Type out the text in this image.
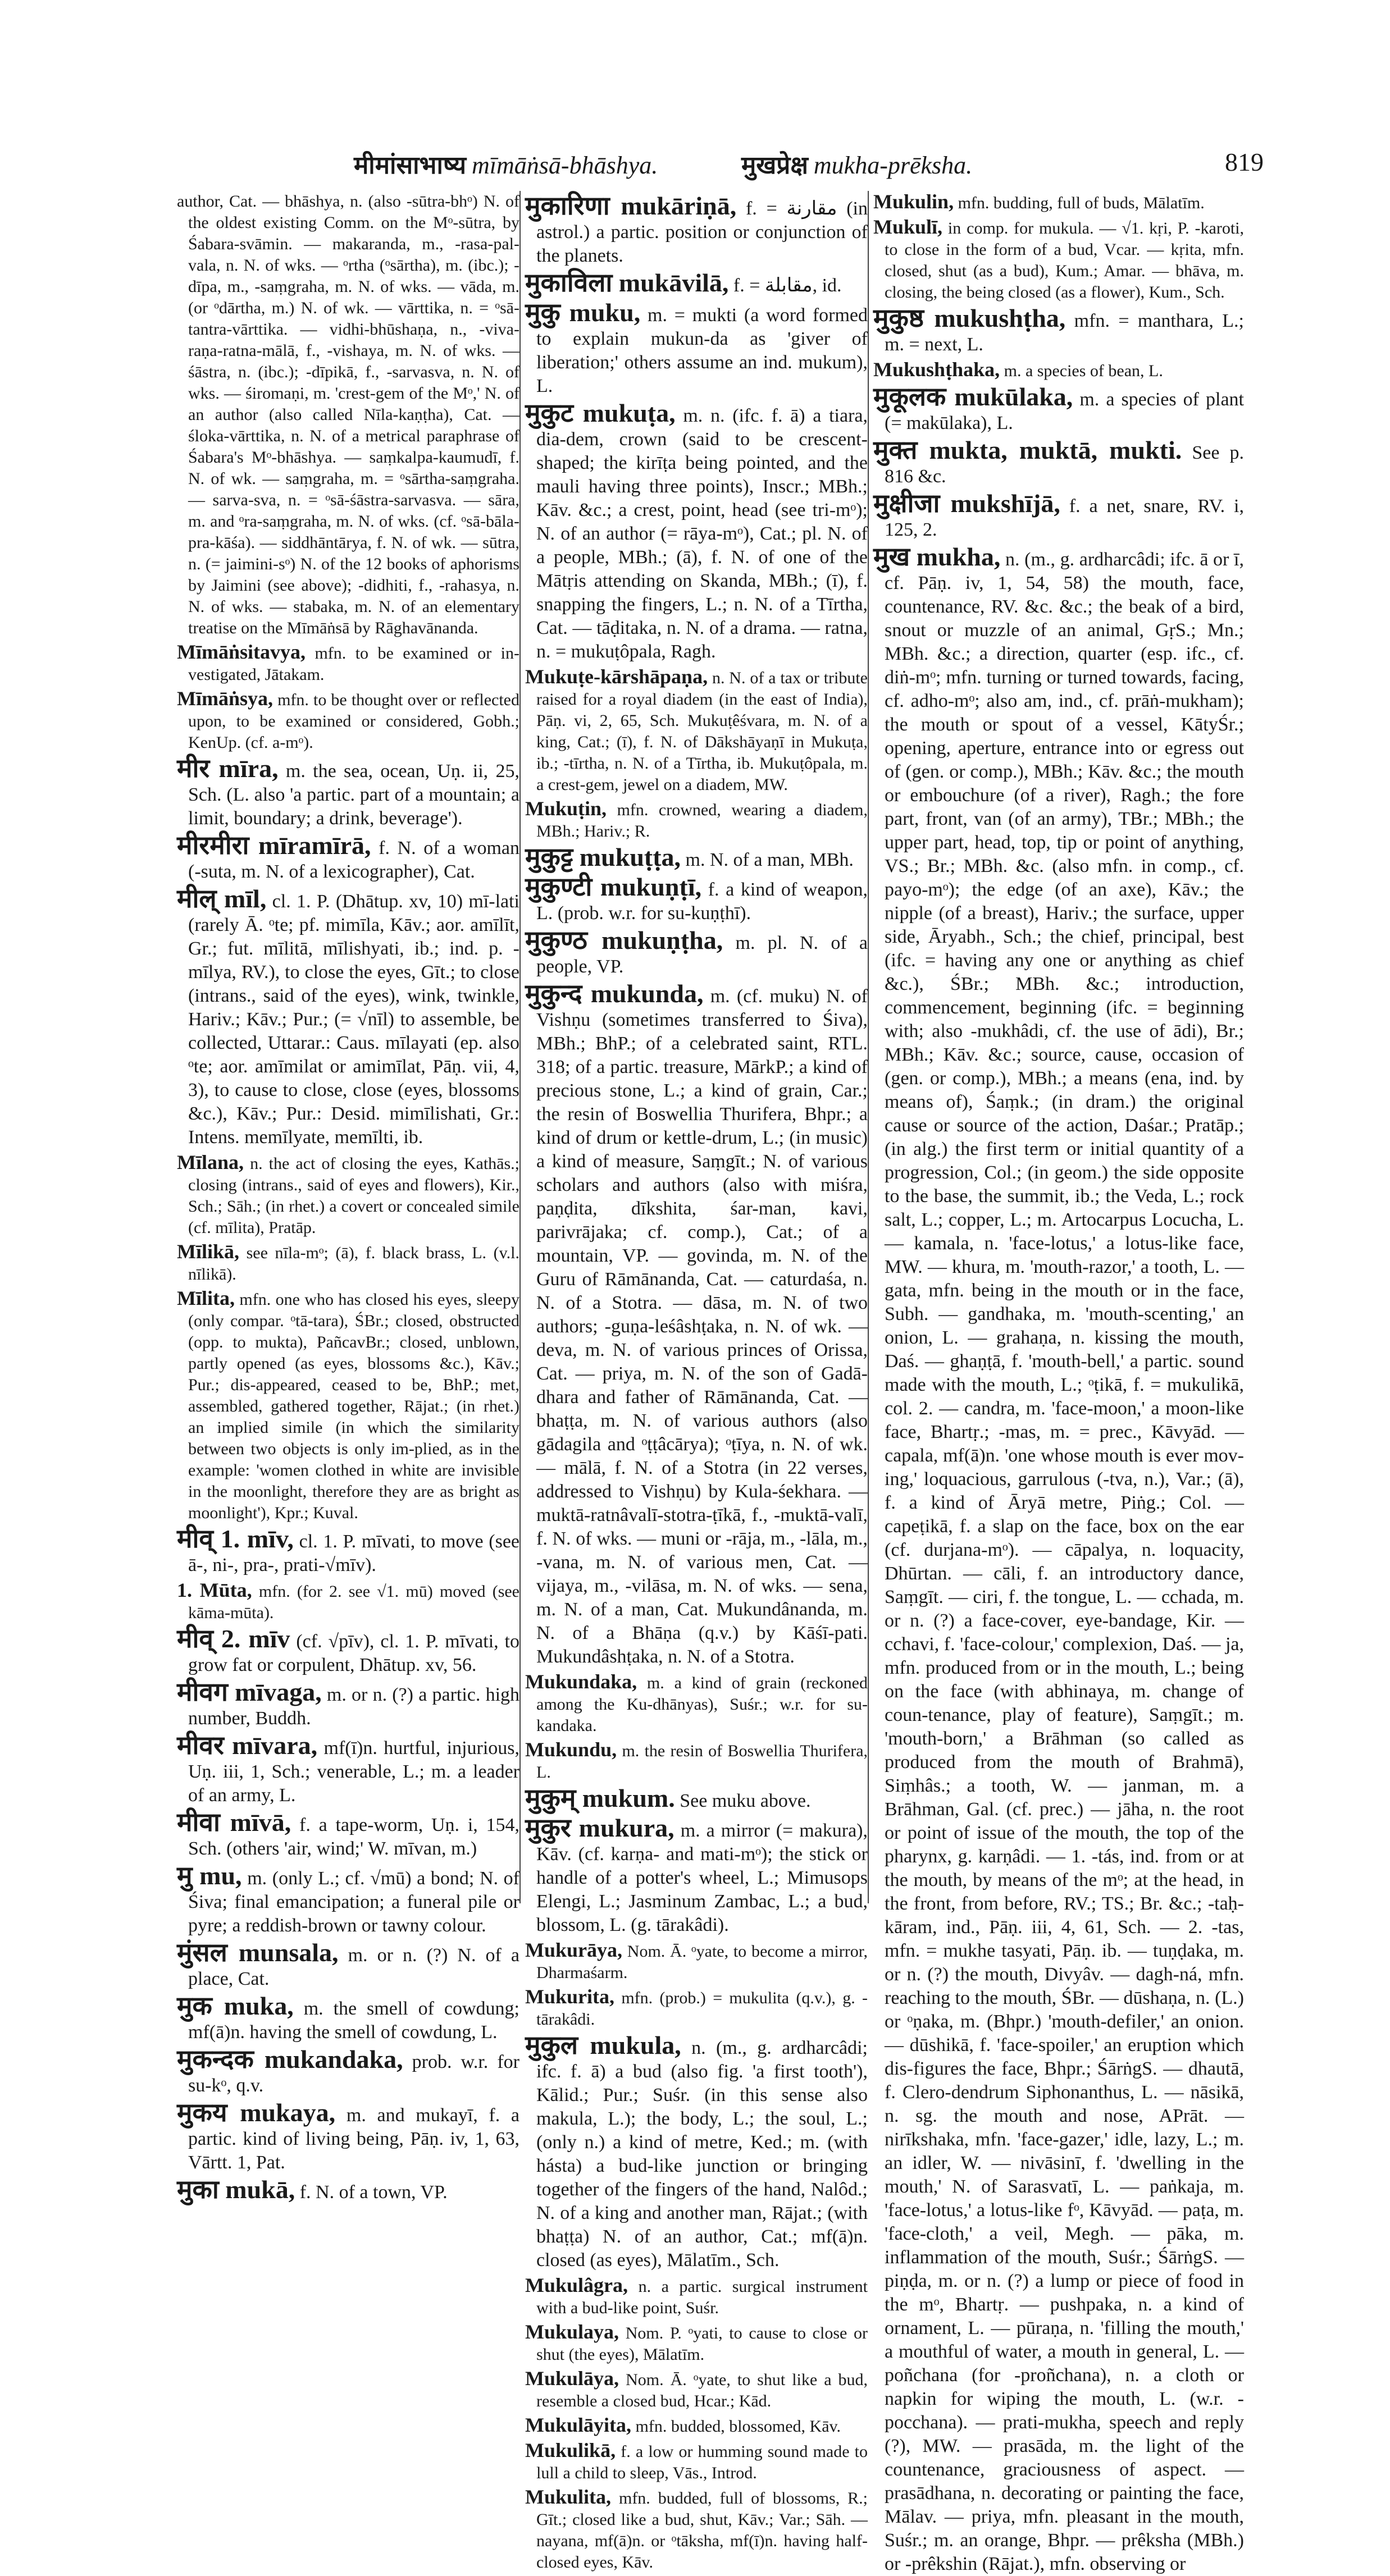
मीमांसाभाष्य mīmāṅsā-bhāshya.	मुखप्रेक्ष mukha-prēksha.	819

author, Cat. — bhāshya, n. (also -sūtra-bhᵒ) N. of the oldest existing Comm. on the Mᵒ-sūtra, by Śabara-svāmin. — makaranda, m., -rasa-pal-vala, n. N. of wks. — ᵒrtha (ᵒsārtha), m. (ibc.); -dīpa, m., -saṃgraha, m. N. of wks. — vāda, m. (or ᵒdārtha, m.) N. of wk. — vārttika, n. = ᵒsā-tantra-vārttika. — vidhi-bhūshaṇa, n., -viva-raṇa-ratna-mālā, f., -vishaya, m. N. of wks. — śāstra, n. (ibc.); -dīpikā, f., -sarvasva, n. N. of wks. — śiromaṇi, m. 'crest-gem of the Mᵒ,' N. of an author (also called Nīla-kaṇṭha), Cat. — śloka-vārttika, n. N. of a metrical paraphrase of Śabara's Mᵒ-bhāshya. — saṃkalpa-kaumudī, f. N. of wk. — saṃgraha, m. = ᵒsārtha-saṃgraha. — sarva-sva, n. = ᵒsā-śāstra-sarvasva. — sāra, m. and ᵒra-saṃgraha, m. N. of wks. (cf. ᵒsā-bāla-pra-kāśa). — siddhāntārya, f. N. of wk. — sūtra, n. (= jaimini-sᵒ) N. of the 12 books of aphorisms by Jaimini (see above); -didhiti, f., -rahasya, n. N. of wks. — stabaka, m. N. of an elementary treatise on the Mīmāṅsā by Rāghavānanda.

Mīmāṅsitavya, mfn. to be examined or in-vestigated, Jātakam.

Mīmāṅsya, mfn. to be thought over or reflected upon, to be examined or considered, Gobh.; KenUp. (cf. a-mᵒ).

मीर mīra, m. the sea, ocean, Uṇ. ii, 25, Sch. (L. also 'a partic. part of a mountain; a limit, boundary; a drink, beverage').

मीरमीरा mīramīrā, f. N. of a woman (-suta, m. N. of a lexicographer), Cat.

मील् mīl, cl. 1. P. (Dhātup. xv, 10) mī-lati (rarely Ā. ᵒte; pf. mimīla, Kāv.; aor. amīlīt, Gr.; fut. mīlitā, mīlishyati, ib.; ind. p. -mīlya, RV.), to close the eyes, Gīt.; to close (intrans., said of the eyes), wink, twinkle, Hariv.; Kāv.; Pur.; (= √nīl) to assemble, be collected, Uttarar.: Caus. mīlayati (ep. also ᵒte; aor. amīmilat or amimīlat, Pāṇ. vii, 4, 3), to cause to close, close (eyes, blossoms &c.), Kāv.; Pur.: Desid. mimīlishati, Gr.: Intens. memīlyate, memīlti, ib.

Mīlana, n. the act of closing the eyes, Kathās.; closing (intrans., said of eyes and flowers), Kir., Sch.; Sāh.; (in rhet.) a covert or concealed simile (cf. mīlita), Pratāp.

Mīlikā, see nīla-mᵒ; (ā), f. black brass, L. (v.l. nīlikā).

Mīlita, mfn. one who has closed his eyes, sleepy (only compar. ᵒtā-tara), ŚBr.; closed, obstructed (opp. to mukta), PañcavBr.; closed, unblown, partly opened (as eyes, blossoms &c.), Kāv.; Pur.; dis-appeared, ceased to be, BhP.; met, assembled, gathered together, Rājat.; (in rhet.) an implied simile (in which the similarity between two objects is only im-plied, as in the example: 'women clothed in white are invisible in the moonlight, therefore they are as bright as moonlight'), Kpr.; Kuval.

मीव् 1. mīv, cl. 1. P. mīvati, to move (see ā-, ni-, pra-, prati-√mīv).

1. Mūta, mfn. (for 2. see √1. mū) moved (see kāma-mūta).

मीव् 2. mīv (cf. √pīv), cl. 1. P. mīvati, to grow fat or corpulent, Dhātup. xv, 56.

मीवग mīvaga, m. or n. (?) a partic. high number, Buddh.

मीवर mīvara, mf(ī)n. hurtful, injurious, Uṇ. iii, 1, Sch.; venerable, L.; m. a leader of an army, L.

मीवा mīvā, f. a tape-worm, Uṇ. i, 154, Sch. (others 'air, wind;' W. mīvan, m.)

मु mu, m. (only L.; cf. √mū) a bond; N. of Śiva; final emancipation; a funeral pile or pyre; a reddish-brown or tawny colour.

मुंसल munsala, m. or n. (?) N. of a place, Cat.

मुक muka, m. the smell of cowdung; mf(ā)n. having the smell of cowdung, L.

मुकन्दक mukandaka, prob. w.r. for su-kᵒ, q.v.

मुकय mukaya, m. and mukayī, f. a partic. kind of living being, Pāṇ. iv, 1, 63, Vārtt. 1, Pat.

मुका mukā, f. N. of a town, VP.

मुकारिणा mukāriṇā, f. = مقارنة (in astrol.) a partic. position or conjunction of the planets.

मुकाविला mukāvilā, f. = مقابلة, id.

मुकु muku, m. = mukti (a word formed to explain mukun-da as 'giver of liberation;' others assume an ind. mukum), L.

मुकुट mukuṭa, m. n. (ifc. f. ā) a tiara, dia-dem, crown (said to be crescent-shaped; the kirīṭa being pointed, and the mauli having three points), Inscr.; MBh.; Kāv. &c.; a crest, point, head (see tri-mᵒ); N. of an author (= rāya-mᵒ), Cat.; pl. N. of a people, MBh.; (ā), f. N. of one of the Mātṛis attending on Skanda, MBh.; (ī), f. snapping the fingers, L.; n. N. of a Tīrtha, Cat. — tāḍitaka, n. N. of a drama. — ratna, n. = mukuṭôpala, Ragh.

Mukuṭe-kārshāpaṇa, n. N. of a tax or tribute raised for a royal diadem (in the east of India), Pāṇ. vi, 2, 65, Sch. Mukuṭêśvara, m. N. of a king, Cat.; (ī), f. N. of Dākshāyaṇī in Mukuṭa, ib.; -tīrtha, n. N. of a Tīrtha, ib. Mukuṭôpala, m. a crest-gem, jewel on a diadem, MW.

Mukuṭin, mfn. crowned, wearing a diadem, MBh.; Hariv.; R.

मुकुट्ट mukuṭṭa, m. N. of a man, MBh.

मुकुण्टी mukuṇṭī, f. a kind of weapon, L. (prob. w.r. for su-kuṇṭhī).

मुकुण्ठ mukuṇṭha, m. pl. N. of a people, VP.

मुकुन्द mukunda, m. (cf. muku) N. of Vishṇu (sometimes transferred to Śiva), MBh.; BhP.; of a celebrated saint, RTL. 318; of a partic. treasure, MārkP.; a kind of precious stone, L.; a kind of grain, Car.; the resin of Boswellia Thurifera, Bhpr.; a kind of drum or kettle-drum, L.; (in music) a kind of measure, Saṃgīt.; N. of various scholars and authors (also with miśra, paṇḍita, dīkshita, śar-man, kavi, parivrājaka; cf. comp.), Cat.; of a mountain, VP. — govinda, m. N. of the Guru of Rāmānanda, Cat. — caturdaśa, n. N. of a Stotra. — dāsa, m. N. of two authors; -guṇa-leśâshṭaka, n. N. of wk. — deva, m. N. of various princes of Orissa, Cat. — priya, m. N. of the son of Gadā-dhara and father of Rāmānanda, Cat. — bhaṭṭa, m. N. of various authors (also gādagila and ᵒṭṭâcārya); ᵒṭīya, n. N. of wk. — mālā, f. N. of a Stotra (in 22 verses, addressed to Vishṇu) by Kula-śekhara. — muktā-ratnâvalī-stotra-ṭīkā, f., -muktā-valī, f. N. of wks. — muni or -rāja, m., -lāla, m., -vana, m. N. of various men, Cat. — vijaya, m., -vilāsa, m. N. of wks. — sena, m. N. of a man, Cat. Mukundânanda, m. N. of a Bhāṇa (q.v.) by Kāśī-pati. Mukundâshṭaka, n. N. of a Stotra.

Mukundaka, m. a kind of grain (reckoned among the Ku-dhānyas), Suśr.; w.r. for su-kandaka.

Mukundu, m. the resin of Boswellia Thurifera, L.

मुकुम् mukum. See muku above.

मुकुर mukura, m. a mirror (= makura), Kāv. (cf. karṇa- and mati-mᵒ); the stick or handle of a potter's wheel, L.; Mimusops Elengi, L.; Jasminum Zambac, L.; a bud, blossom, L. (g. tārakâdi).

Mukurāya, Nom. Ā. ᵒyate, to become a mirror, Dharmaśarm.

Mukurita, mfn. (prob.) = mukulita (q.v.), g. -tārakâdi.

मुकुल mukula, n. (m., g. ardharcâdi; ifc. f. ā) a bud (also fig. 'a first tooth'), Kālid.; Pur.; Suśr. (in this sense also makula, L.); the body, L.; the soul, L.; (only n.) a kind of metre, Ked.; m. (with hásta) a bud-like junction or bringing together of the fingers of the hand, Nalôd.; N. of a king and another man, Rājat.; (with bhaṭṭa) N. of an author, Cat.; mf(ā)n. closed (as eyes), Mālatīm., Sch.

Mukulâgra, n. a partic. surgical instrument with a bud-like point, Suśr.

Mukulaya, Nom. P. ᵒyati, to cause to close or shut (the eyes), Mālatīm.

Mukulāya, Nom. Ā. ᵒyate, to shut like a bud, resemble a closed bud, Hcar.; Kād.

Mukulāyita, mfn. budded, blossomed, Kāv.

Mukulikā, f. a low or humming sound made to lull a child to sleep, Vās., Introd.

Mukulita, mfn. budded, full of blossoms, R.; Gīt.; closed like a bud, shut, Kāv.; Var.; Sāh. — nayana, mf(ā)n. or ᵒtāksha, mf(ī)n. having half-closed eyes, Kāv.

Mukulin, mfn. budding, full of buds, Mālatīm.

Mukulī, in comp. for mukula. — √1. kṛi, P. -karoti, to close in the form of a bud, Vcar. — kṛita, mfn. closed, shut (as a bud), Kum.; Amar. — bhāva, m. closing, the being closed (as a flower), Kum., Sch.

मुकुष्ठ mukushṭha, mfn. = manthara, L.; m. = next, L.

Mukushṭhaka, m. a species of bean, L.

मुकूलक mukūlaka, m. a species of plant (= makūlaka), L.

मुक्त mukta, muktā, mukti. See p. 816 &c.

मुक्षीजा mukshījā, f. a net, snare, RV. i, 125, 2.

मुख mukha, n. (m., g. ardharcâdi; ifc. ā or ī, cf. Pāṇ. iv, 1, 54, 58) the mouth, face, countenance, RV. &c. &c.; the beak of a bird, snout or muzzle of an animal, GṛS.; Mn.; MBh. &c.; a direction, quarter (esp. ifc., cf. diṅ-mᵒ; mfn. turning or turned towards, facing, cf. adho-mᵒ; also am, ind., cf. prāṅ-mukham); the mouth or spout of a vessel, KātyŚr.; opening, aperture, entrance into or egress out of (gen. or comp.), MBh.; Kāv. &c.; the mouth or embouchure (of a river), Ragh.; the fore part, front, van (of an army), TBr.; MBh.; the upper part, head, top, tip or point of anything, VS.; Br.; MBh. &c. (also mfn. in comp., cf. payo-mᵒ); the edge (of an axe), Kāv.; the nipple (of a breast), Hariv.; the surface, upper side, Āryabh., Sch.; the chief, principal, best (ifc. = having any one or anything as chief &c.), ŚBr.; MBh. &c.; introduction, commencement, beginning (ifc. = beginning with; also -mukhâdi, cf. the use of ādi), Br.; MBh.; Kāv. &c.; source, cause, occasion of (gen. or comp.), MBh.; a means (ena, ind. by means of), Śaṃk.; (in dram.) the original cause or source of the action, Daśar.; Pratāp.; (in alg.) the first term or initial quantity of a progression, Col.; (in geom.) the side opposite to the base, the summit, ib.; the Veda, L.; rock salt, L.; copper, L.; m. Artocarpus Locucha, L. — kamala, n. 'face-lotus,' a lotus-like face, MW. — khura, m. 'mouth-razor,' a tooth, L. — gata, mfn. being in the mouth or in the face, Subh. — gandhaka, m. 'mouth-scenting,' an onion, L. — grahaṇa, n. kissing the mouth, Daś. — ghaṇṭā, f. 'mouth-bell,' a partic. sound made with the mouth, L.; ᵒṭikā, f. = mukulikā, col. 2. — candra, m. 'face-moon,' a moon-like face, Bhartṛ.; -mas, m. = prec., Kāvyād. — capala, mf(ā)n. 'one whose mouth is ever mov-ing,' loquacious, garrulous (-tva, n.), Var.; (ā), f. a kind of Āryā metre, Piṅg.; Col. — capeṭikā, f. a slap on the face, box on the ear (cf. durjana-mᵒ). — cāpalya, n. loquacity, Dhūrtan. — cāli, f. an introductory dance, Saṃgīt. — ciri, f. the tongue, L. — cchada, m. or n. (?) a face-cover, eye-bandage, Kir. — cchavi, f. 'face-colour,' complexion, Daś. — ja, mfn. produced from or in the mouth, L.; being on the face (with abhinaya, m. change of coun-tenance, play of feature), Saṃgīt.; m. 'mouth-born,' a Brāhman (so called as produced from the mouth of Brahmā), Siṃhâs.; a tooth, W. — janman, m. a Brāhman, Gal. (cf. prec.) — jāha, n. the root or point of issue of the mouth, the top of the pharynx, g. karṇâdi. — 1. -tás, ind. from or at the mouth, by means of the mᵒ; at the head, in the front, from before, RV.; TS.; Br. &c.; -taḥ-kāram, ind., Pāṇ. iii, 4, 61, Sch. — 2. -tas, mfn. = mukhe tasyati, Pāṇ. ib. — tuṇḍaka, m. or n. (?) the mouth, Divyâv. — dagh-ná, mfn. reaching to the mouth, ŚBr. — dūshaṇa, n. (L.) or ᵒṇaka, m. (Bhpr.) 'mouth-defiler,' an onion. — dūshikā, f. 'face-spoiler,' an eruption which dis-figures the face, Bhpr.; ŚārṅgS. — dhautā, f. Clero-dendrum Siphonanthus, L. — nāsikā, n. sg. the mouth and nose, APrāt. — nirīkshaka, mfn. 'face-gazer,' idle, lazy, L.; m. an idler, W. — nivāsinī, f. 'dwelling in the mouth,' N. of Sarasvatī, L. — paṅkaja, m. 'face-lotus,' a lotus-like fᵒ, Kāvyād. — paṭa, m. 'face-cloth,' a veil, Megh. — pāka, m. inflammation of the mouth, Suśr.; ŚārṅgS. — piṇḍa, m. or n. (?) a lump or piece of food in the mᵒ, Bhartṛ. — pushpaka, n. a kind of ornament, L. — pūraṇa, n. 'filling the mouth,' a mouthful of water, a mouth in general, L. — poñchana (for -proñchana), n. a cloth or napkin for wiping the mouth, L. (w.r. -pocchana). — prati-mukha, speech and reply (?), MW. — prasāda, m. the light of the countenance, graciousness of aspect. — prasādhana, n. decorating or painting the face, Mālav. — priya, mfn. pleasant in the mouth, Suśr.; m. an orange, Bhpr. — prêksha (MBh.) or -prêkshin (Rājat.), mfn. observing or
